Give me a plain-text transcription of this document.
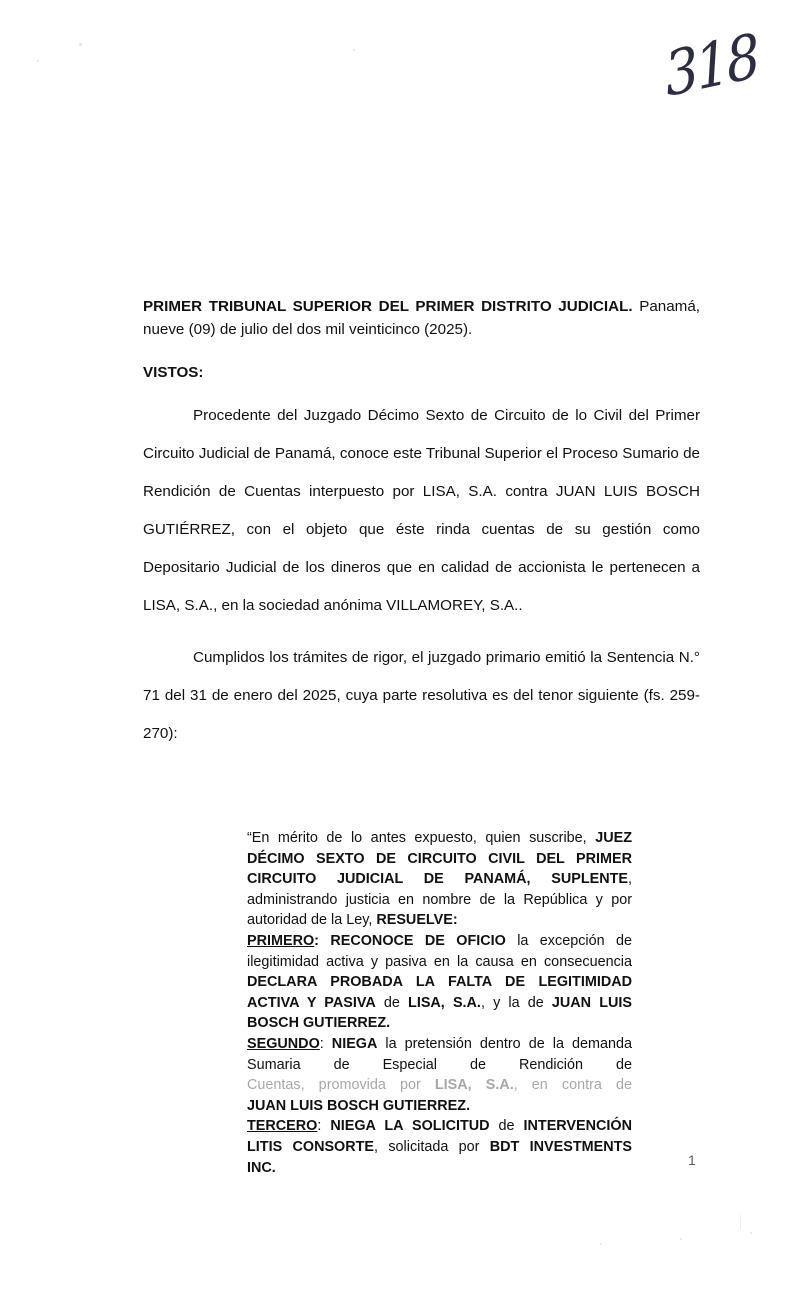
318

PRIMER TRIBUNAL SUPERIOR DEL PRIMER DISTRITO JUDICIAL. Panamá, nueve (09) de julio del dos mil veinticinco (2025).

VISTOS:

Procedente del Juzgado Décimo Sexto de Circuito de lo Civil del Primer Circuito Judicial de Panamá, conoce este Tribunal Superior el Proceso Sumario de Rendición de Cuentas interpuesto por LISA, S.A. contra JUAN LUIS BOSCH GUTIÉRREZ, con el objeto que éste rinda cuentas de su gestión como Depositario Judicial de los dineros que en calidad de accionista le pertenecen a LISA, S.A., en la sociedad anónima VILLAMOREY, S.A..

Cumplidos los trámites de rigor, el juzgado primario emitió la Sentencia N.° 71 del 31 de enero del 2025, cuya parte resolutiva es del tenor siguiente (fs. 259-270):

“En mérito de lo antes expuesto, quien suscribe, JUEZ DÉCIMO SEXTO DE CIRCUITO CIVIL DEL PRIMER CIRCUITO JUDICIAL DE PANAMÁ, SUPLENTE, administrando justicia en nombre de la República y por autoridad de la Ley, RESUELVE:

PRIMERO: RECONOCE DE OFICIO la excepción de ilegitimidad activa y pasiva en la causa en consecuencia DECLARA PROBADA LA FALTA DE LEGITIMIDAD ACTIVA Y PASIVA de LISA, S.A., y la de JUAN LUIS BOSCH GUTIERREZ.

SEGUNDO: NIEGA la pretensión dentro de la demanda Sumaria de Especial de Rendición de
Cuentas, promovida por LISA, S.A., en contra de
JUAN LUIS BOSCH GUTIERREZ.

TERCERO: NIEGA LA SOLICITUD de INTERVENCIÓN LITIS CONSORTE, solicitada por BDT INVESTMENTS INC.	1
